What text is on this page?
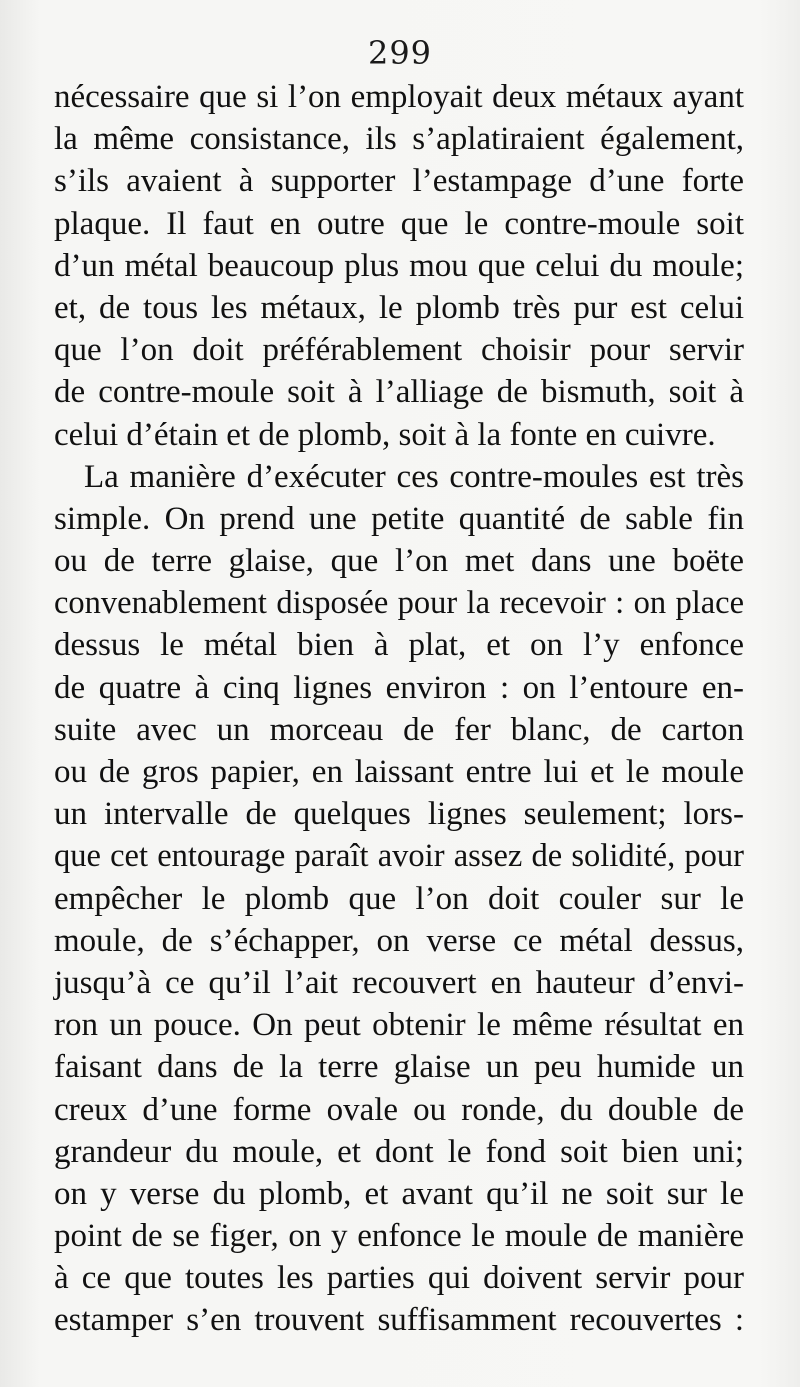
299
nécessaire que si l’on employait deux métaux ayant
la même consistance, ils s’aplatiraient également,
s’ils avaient à supporter l’estampage d’une forte
plaque. Il faut en outre que le contre-moule soit
d’un métal beaucoup plus mou que celui du moule;
et, de tous les métaux, le plomb très pur est celui
que l’on doit préférablement choisir pour servir
de contre-moule soit à l’alliage de bismuth, soit à
celui d’étain et de plomb, soit à la fonte en cuivre.
La manière d’exécuter ces contre-moules est très
simple. On prend une petite quantité de sable fin
ou de terre glaise, que l’on met dans une boëte
convenablement disposée pour la recevoir : on place
dessus le métal bien à plat, et on l’y enfonce
de quatre à cinq lignes environ : on l’entoure en-
suite avec un morceau de fer blanc, de carton
ou de gros papier, en laissant entre lui et le moule
un intervalle de quelques lignes seulement; lors-
que cet entourage paraît avoir assez de solidité, pour
empêcher le plomb que l’on doit couler sur le
moule, de s’échapper, on verse ce métal dessus,
jusqu’à ce qu’il l’ait recouvert en hauteur d’envi-
ron un pouce. On peut obtenir le même résultat en
faisant dans de la terre glaise un peu humide un
creux d’une forme ovale ou ronde, du double de
grandeur du moule, et dont le fond soit bien uni;
on y verse du plomb, et avant qu’il ne soit sur le
point de se figer, on y enfonce le moule de manière
à ce que toutes les parties qui doivent servir pour
estamper s’en trouvent suffisamment recouvertes :
